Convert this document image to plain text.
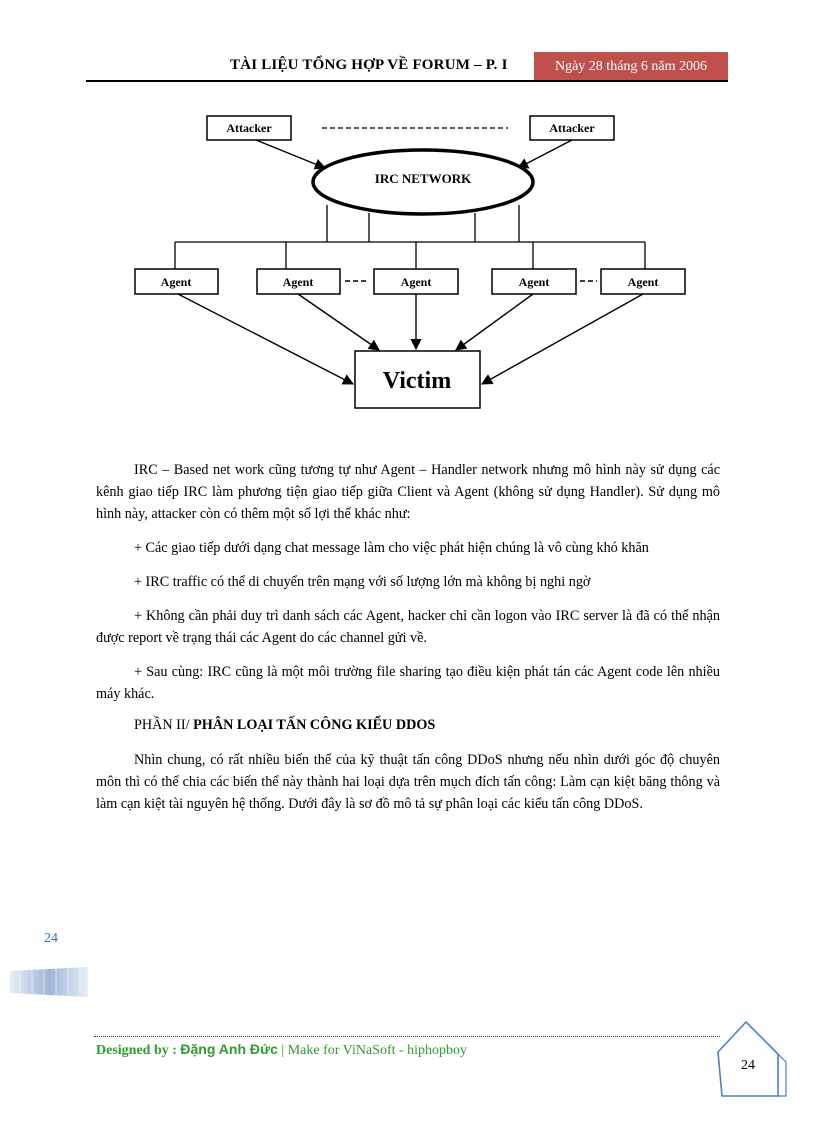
TÀI LIỆU TỔNG HỢP VỀ FORUM – P. I	Ngày 28 tháng 6 năm 2006
Attacker	Attacker
IRC NETWORK
Agent	Agent	Agent	Agent	Agent
Victim
IRC – Based net work cũng tương tự như Agent – Handler network nhưng mô hình này sử dụng các kênh giao tiếp IRC làm phương tiện giao tiếp giữa Client và Agent (không sử dụng Handler). Sử dụng mô hình này, attacker còn có thêm một số lợi thế khác như:
+ Các giao tiếp dưới dạng chat message làm cho việc phát hiện chúng là vô cùng khó khăn
+ IRC traffic có thể di chuyển trên mạng với số lượng lớn mà không bị nghi ngờ
+ Không cần phải duy trì danh sách các Agent, hacker chỉ cần logon vào IRC server là đã có thể nhận được report về trạng thái các Agent do các channel gửi về.
+ Sau cùng: IRC cũng là một môi trường file sharing tạo điều kiện phát tán các Agent code lên nhiều máy khác.
PHẦN II/ PHÂN LOẠI TẤN CÔNG KIỂU DDOS
Nhìn chung, có rất nhiều biến thể của kỹ thuật tấn công DDoS nhưng nếu nhìn dưới góc độ chuyên môn thì có thể chia các biến thể này thành hai loại dựa trên mụch đích tấn công: Làm cạn kiệt băng thông và làm cạn kiệt tài nguyên hệ thống. Dưới đây là sơ đồ mô tả sự phân loại các kiểu tấn công DDoS.
24
Designed by : Đặng Anh Đức | Make for ViNaSoft - hiphopboy
24
